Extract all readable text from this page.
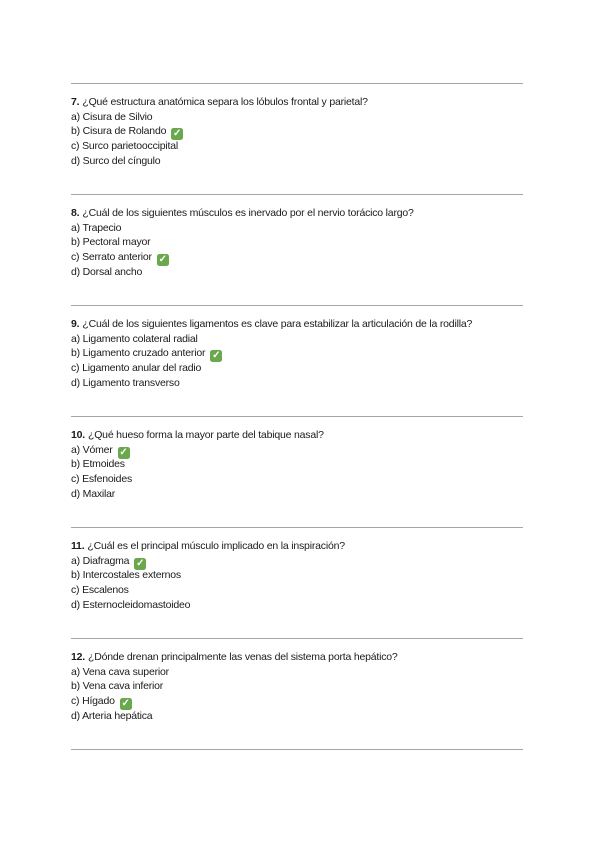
7. ¿Qué estructura anatómica separa los lóbulos frontal y parietal?
a) Cisura de Silvio
b) Cisura de Rolando ✓
c) Surco parietooccipital
d) Surco del cíngulo
8. ¿Cuál de los siguientes músculos es inervado por el nervio torácico largo?
a) Trapecio
b) Pectoral mayor
c) Serrato anterior ✓
d) Dorsal ancho
9. ¿Cuál de los siguientes ligamentos es clave para estabilizar la articulación de la rodilla?
a) Ligamento colateral radial
b) Ligamento cruzado anterior ✓
c) Ligamento anular del radio
d) Ligamento transverso
10. ¿Qué hueso forma la mayor parte del tabique nasal?
a) Vómer ✓
b) Etmoides
c) Esfenoides
d) Maxilar
11. ¿Cuál es el principal músculo implicado en la inspiración?
a) Diafragma ✓
b) Intercostales externos
c) Escalenos
d) Esternocleidomastoideo
12. ¿Dónde drenan principalmente las venas del sistema porta hepático?
a) Vena cava superior
b) Vena cava inferior
c) Hígado ✓
d) Arteria hepática
